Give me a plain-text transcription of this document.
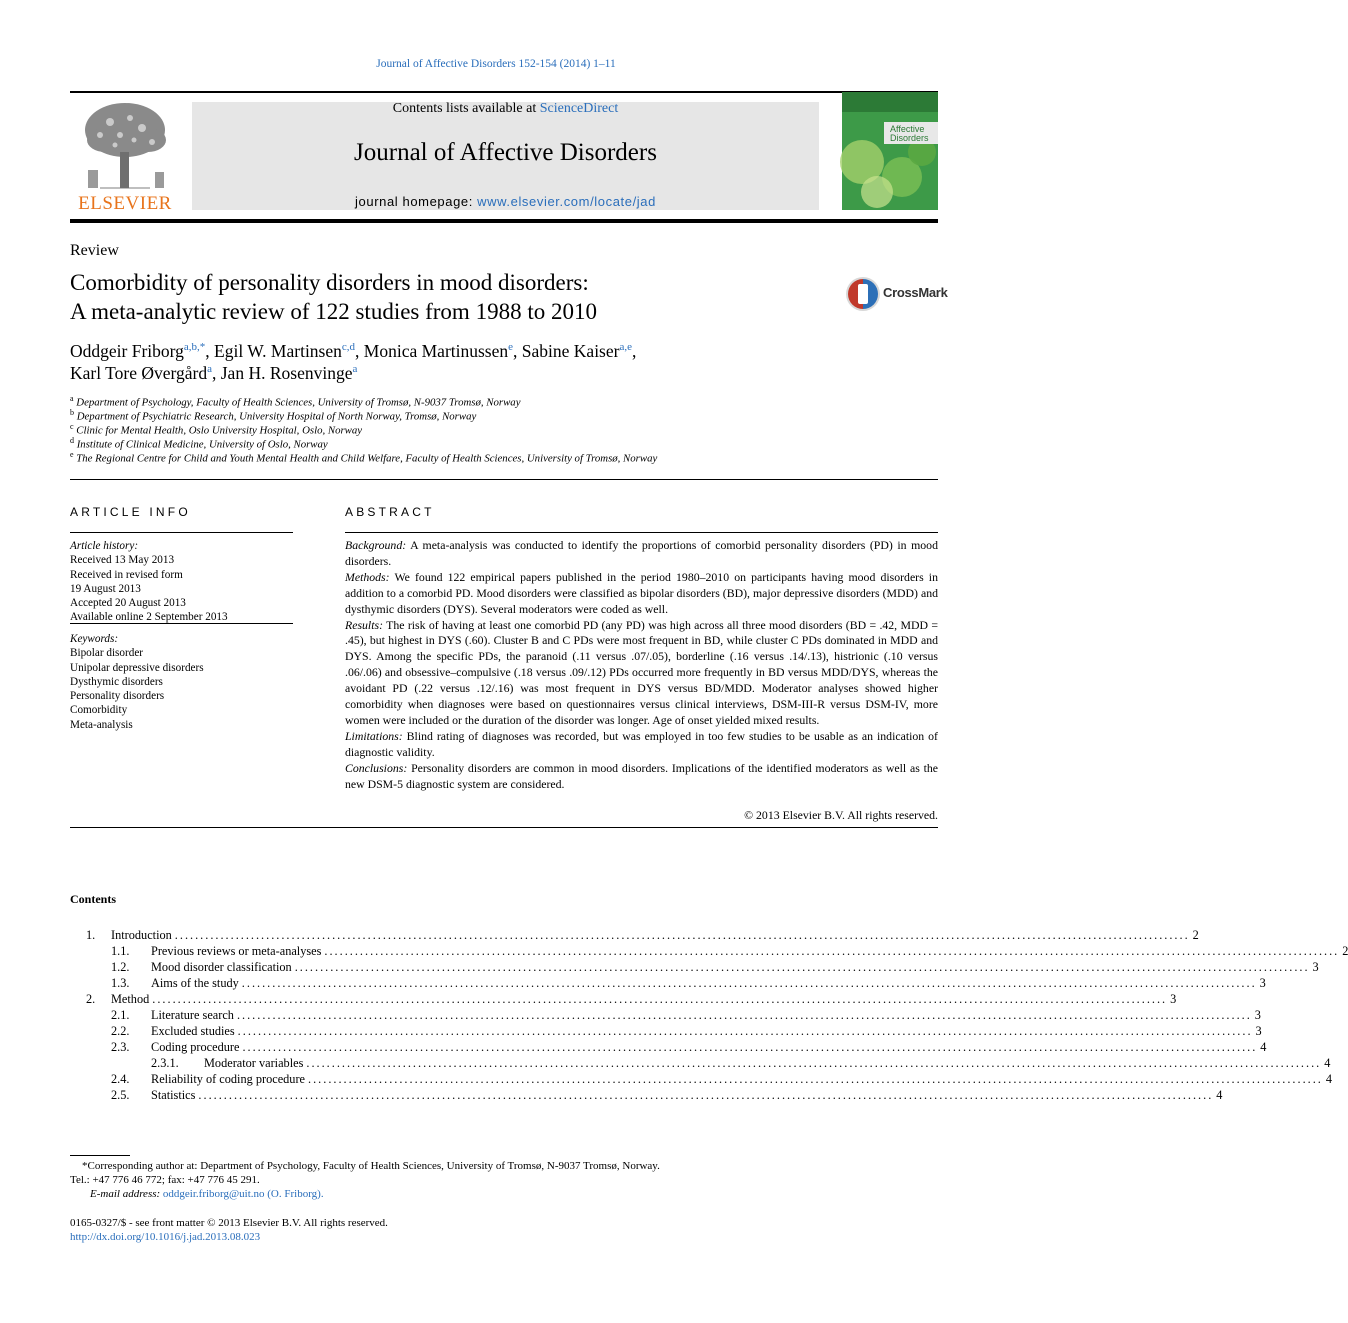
Journal of Affective Disorders 152-154 (2014) 1–11
ELSEVIER
Contents lists available at ScienceDirect
Journal of Affective Disorders
journal homepage: www.elsevier.com/locate/jad
Affective
Disorders
Review
Comorbidity of personality disorders in mood disorders:
A meta-analytic review of 122 studies from 1988 to 2010
CrossMark
Oddgeir Friborg$^{a,b,*}$, Egil W. Martinsen$^{c,d}$, Monica Martinussen$^e$, Sabine Kaiser$^{a,e}$,
Karl Tore Øvergård$^a$, Jan H. Rosenvinge$^a$
$^a$ Department of Psychology, Faculty of Health Sciences, University of Tromsø, N-9037 Tromsø, Norway
$^b$ Department of Psychiatric Research, University Hospital of North Norway, Tromsø, Norway
$^c$ Clinic for Mental Health, Oslo University Hospital, Oslo, Norway
$^d$ Institute of Clinical Medicine, University of Oslo, Norway
$^e$ The Regional Centre for Child and Youth Mental Health and Child Welfare, Faculty of Health Sciences, University of Tromsø, Norway
ARTICLE INFO
Article history:
Received 13 May 2013
Received in revised form
19 August 2013
Accepted 20 August 2013
Available online 2 September 2013
Keywords:
Bipolar disorder
Unipolar depressive disorders
Dysthymic disorders
Personality disorders
Comorbidity
Meta-analysis
ABSTRACT

Background: A meta-analysis was conducted to identify the proportions of comorbid personality disorders (PD) in mood disorders.

Methods: We found 122 empirical papers published in the period 1980–2010 on participants having mood disorders in addition to a comorbid PD. Mood disorders were classified as bipolar disorders (BD), major depressive disorders (MDD) and dysthymic disorders (DYS). Several moderators were coded as well.

Results: The risk of having at least one comorbid PD (any PD) was high across all three mood disorders (BD = .42, MDD = .45), but highest in DYS (.60). Cluster B and C PDs were most frequent in BD, while cluster C PDs dominated in MDD and DYS. Among the specific PDs, the paranoid (.11 versus .07/.05), borderline (.16 versus .14/.13), histrionic (.10 versus .06/.06) and obsessive–compulsive (.18 versus .09/.12) PDs occurred more frequently in BD versus MDD/DYS, whereas the avoidant PD (.22 versus .12/.16) was most frequent in DYS versus BD/MDD. Moderator analyses showed higher comorbidity when diagnoses were based on questionnaires versus clinical interviews, DSM-III-R versus DSM-IV, more women were included or the duration of the disorder was longer. Age of onset yielded mixed results.

Limitations: Blind rating of diagnoses was recorded, but was employed in too few studies to be usable as an indication of diagnostic validity.

Conclusions: Personality disorders are common in mood disorders. Implications of the identified moderators as well as the new DSM-5 diagnostic system are considered.

© 2013 Elsevier B.V. All rights reserved.
Contents
1. Introduction ........................................................................................................................................................................................................ 2
1.1. Previous reviews or meta-analyses ........................................................................................................................................................................................................ 2
1.2. Mood disorder classification ........................................................................................................................................................................................................ 3
1.3. Aims of the study ........................................................................................................................................................................................................ 3
2. Method ........................................................................................................................................................................................................ 3
2.1. Literature search ........................................................................................................................................................................................................ 3
2.2. Excluded studies ........................................................................................................................................................................................................ 3
2.3. Coding procedure ........................................................................................................................................................................................................ 4
2.3.1. Moderator variables ........................................................................................................................................................................................................ 4
2.4. Reliability of coding procedure ........................................................................................................................................................................................................ 4
2.5. Statistics ........................................................................................................................................................................................................ 4
*Corresponding author at: Department of Psychology, Faculty of Health Sciences, University of Tromsø, N-9037 Tromsø, Norway.
Tel.: +47 776 46 772; fax: +47 776 45 291.
E-mail address: oddgeir.friborg@uit.no (O. Friborg).
0165-0327/$ - see front matter © 2013 Elsevier B.V. All rights reserved.
http://dx.doi.org/10.1016/j.jad.2013.08.023
